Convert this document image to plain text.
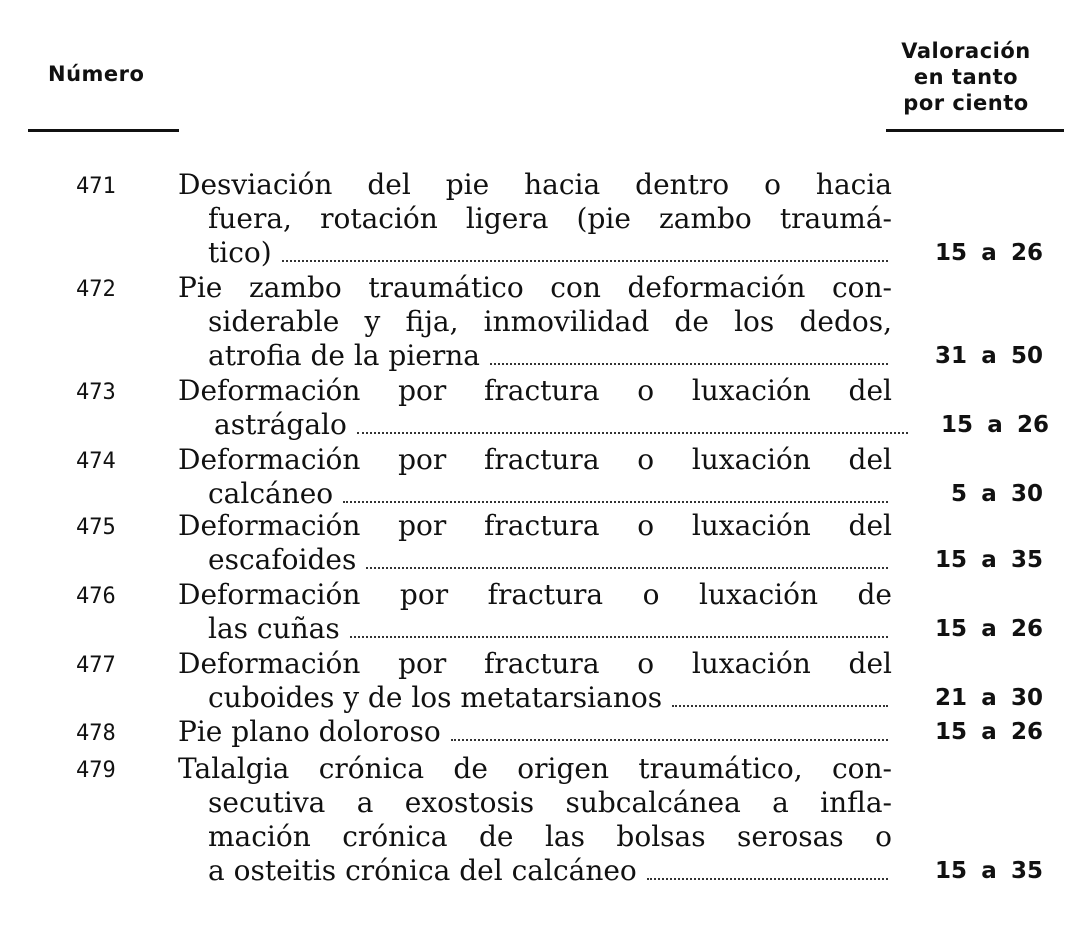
Número
Valoración
en tanto
por ciento
471 Desviación del pie hacia dentro o hacia
fuera, rotación ligera (pie zambo traumá-
tico)	15 a 26
472 Pie zambo traumático con deformación con-
siderable y fija, inmovilidad de los dedos,
atrofia de la pierna	31 a 50
473 Deformación por fractura o luxación del
astrágalo	15 a 26
474 Deformación por fractura o luxación del
calcáneo	5 a 30
475 Deformación por fractura o luxación del
escafoides	15 a 35
476 Deformación por fractura o luxación de
las cuñas	15 a 26
477 Deformación por fractura o luxación del
cuboides y de los metatarsianos	21 a 30
478 Pie plano doloroso	15 a 26
479 Talalgia crónica de origen traumático, con-
secutiva a exostosis subcalcánea a infla-
mación crónica de las bolsas serosas o
a osteitis crónica del calcáneo	15 a 35
